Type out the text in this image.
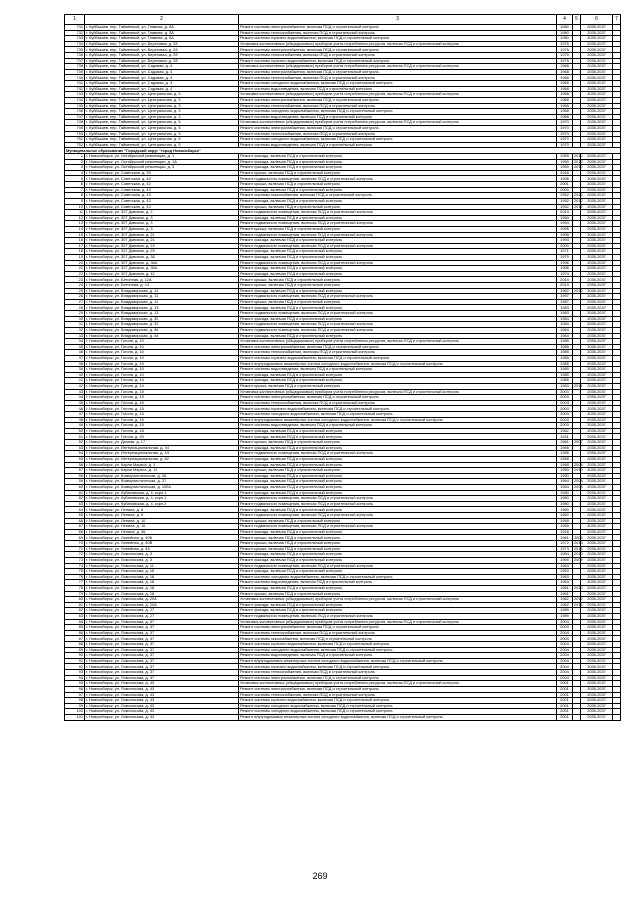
1	2	3	4	5	6	7
731	г. Куйбышев, пер. Тайменный, ул. Главная, д. 5А	Ремонт системы электроснабжения, включая ПСД и строительный контроль	1980		2035-2037	
732	г. Куйбышев, пер. Тайменный, ул. Главная, д. 5А	Ремонт системы теплоснабжения, включая ПСД и строительный контроль	1980		2035-2037	
733	г. Куйбышев, пер. Тайменный, ул. Главная, д. 5А	Ремонт системы горячего водоснабжения, включая ПСД и строительный контроль	1980		2035-2037	
734	г. Куйбышев, пер. Тайменный, ул. Береговая, д. 28	Установка коллективных (общедомовых) приборов учета потребления ресурсов, включая ПСД и строительный контроль	1975		2035-2037	
735	г. Куйбышев, пер. Тайменный, ул. Береговая, д. 28	Ремонт системы электроснабжения, включая ПСД и строительный контроль	1975		2035-2037	
736	г. Куйбышев, пер. Тайменный, ул. Береговая, д. 28	Ремонт системы теплоснабжения, включая ПСД и строительный контроль	1975		2035-2037	
737	г. Куйбышев, пер. Тайменный, ул. Береговая, д. 28	Ремонт системы горячего водоснабжения, включая ПСД и строительный контроль	1975		2035-2037	
738	г. Куйбышев, пер. Тайменный, ул. Садовая, д. 4	Установка коллективных (общедомовых) приборов учета потребления ресурсов, включая ПСД и строительный контроль	1968		2035-2037	
739	г. Куйбышев, пер. Тайменный, ул. Садовая, д. 4	Ремонт системы электроснабжения, включая ПСД и строительный контроль	1968		2035-2037	
740	г. Куйбышев, пер. Тайменный, ул. Садовая, д. 4	Ремонт системы теплоснабжения, включая ПСД и строительный контроль	1968		2035-2037	
741	г. Куйбышев, пер. Тайменный, ул. Садовая, д. 4	Ремонт системы холодного водоснабжения, включая ПСД и строительный контроль	1968		2035-2037	
742	г. Куйбышев, пер. Тайменный, ул. Садовая, д. 4	Ремонт системы водоотведения, включая ПСД и строительный контроль	1968		2035-2037	
743	г. Куйбышев, пер. Тайменный, ул. Центральная, д. 3	Установка коллективных (общедомовых) приборов учета потребления ресурсов, включая ПСД и строительный контроль	1968		2035-2037	
744	г. Куйбышев, пер. Тайменный, ул. Центральная, д. 3	Ремонт системы электроснабжения, включая ПСД и строительный контроль	1968		2035-2037	
745	г. Куйбышев, пер. Тайменный, ул. Центральная, д. 3	Ремонт системы теплоснабжения, включая ПСД и строительный контроль	1968		2035-2037	
746	г. Куйбышев, пер. Тайменный, ул. Центральная, д. 3	Ремонт системы холодного водоснабжения, включая ПСД и строительный контроль	1968		2035-2037	
747	г. Куйбышев, пер. Тайменный, ул. Центральная, д. 3	Ремонт системы водоотведения, включая ПСД и строительный контроль	1968		2035-2037	
748	г. Куйбышев, пер. Тайменный, ул. Центральная, д. 5	Установка коллективных (общедомовых) приборов учета потребления ресурсов, включая ПСД и строительный контроль	1970		2035-2037	
749	г. Куйбышев, пер. Тайменный, ул. Центральная, д. 5	Ремонт системы электроснабжения, включая ПСД и строительный контроль	1970		2035-2037	
750	г. Куйбышев, пер. Тайменный, ул. Центральная, д. 5	Ремонт системы теплоснабжения, включая ПСД и строительный контроль	1970		2035-2037	
751	г. Куйбышев, пер. Тайменный, ул. Центральная, д. 5	Ремонт системы холодного водоснабжения, включая ПСД и строительный контроль	1970		2035-2037	
752	г. Куйбышев, пер. Тайменный, ул. Центральная, д. 5	Ремонт системы водоотведения, включая ПСД и строительный контроль	1970		2035-2037	
Муниципальное образование "Городской округ "город Новосибирск"						
1	г. Новосибирск, ул. Октябрьской революции, д. 1	Ремонт фасада, включая ПСД и строительный контроль	1959	2010	2035-2037	
2	г. Новосибирск, ул. Октябрьской революции, д. 1А	Ремонт фасада, включая ПСД и строительный контроль	1959	2010	2035-2037	
3	г. Новосибирск, ул. Октябрьской революции, д. 3	Ремонт фасада, включая ПСД и строительный контроль	1959	2010	2035-2037	
4	г. Новосибирск, ул. Советская, д. 39	Ремонт крыши, включая ПСД и строительный контроль	2016		2035-2037	
5	г. Новосибирск, ул. Советская, д. 40	Ремонт подвального помещения, включая ПСД и строительный контроль	1996		2035-2037	
6	г. Новосибирск, ул. Советская, д. 42	Ремонт крыши, включая ПСД и строительный контроль	2001		2035-2037	
7	г. Новосибирск, ул. Советская, д. 43	Ремонт фасада, включая ПСД и строительный контроль	2000		2035-2037	
8	г. Новосибирск, ул. Советская, д. 43	Ремонт системы газоснабжения, включая ПСД и строительный контроль	1952	2012	2035-2037	
9	г. Новосибирск, ул. Советская, д. 43	Ремонт фасада, включая ПСД и строительный контроль	1952	2012	2035-2037	
10	г. Новосибирск, ул. Советская, д. 43	Ремонт крыши, включая ПСД и строительный контроль	1952	2012	2035-2037	
11	г. Новосибирск, ул. 307 Дивизии, д. 2	Ремонт подвального помещения, включая ПСД и строительный контроль	2014		2035-2037	
12	г. Новосибирск, ул. 307 Дивизии, д. 3	Ремонт фасада, включая ПСД и строительный контроль	1960		2035-2037	
13	г. Новосибирск, ул. 307 Дивизии, д. 3	Ремонт подвального помещения, включая ПСД и строительный контроль	1994		2035-2037	
14	г. Новосибирск, ул. 307 Дивизии, д. 3	Ремонт крыши, включая ПСД и строительный контроль	1995		2035-2037	
15	г. Новосибирск, ул. 307 Дивизии, д. 21	Ремонт подвального помещения, включая ПСД и строительный контроль	1996		2035-2037	
16	г. Новосибирск, ул. 307 Дивизии, д. 21	Ремонт фасада, включая ПСД и строительный контроль	1993		2035-2037	
17	г. Новосибирск, ул. 307 Дивизии, д. 23	Ремонт подвального помещения, включая ПСД и строительный контроль	2000		2035-2037	
18	г. Новосибирск, ул. 307 Дивизии, д. 23	Ремонт фасада, включая ПСД и строительный контроль	1971		2035-2037	
19	г. Новосибирск, ул. 307 Дивизии, д. 38	Ремонт фасада, включая ПСД и строительный контроль	1975		2035-2037	
20	г. Новосибирск, ул. 307 Дивизии, д. 38А	Ремонт подвального помещения, включая ПСД и строительный контроль	1996		2035-2037	
21	г. Новосибирск, ул. 307 Дивизии, д. 38А	Ремонт фасада, включая ПСД и строительный контроль	1996		2035-2037	
22	г. Новосибирск, ул. 307 Дивизии, д. 42	Ремонт фасада, включая ПСД и строительный контроль	1974		2035-2037	
23	г. Новосибирск, ул. Бетонная, д. 12А	Ремонт крыши, включая ПСД и строительный контроль	2014		2035-2037	
24	г. Новосибирск, ул. Бетонная, д. 14	Ремонт крыши, включая ПСД и строительный контроль	2013		2035-2037	
25	г. Новосибирск, ул. Владимирская, д. 11	Ремонт фасада, включая ПСД и строительный контроль	1962	2012	2035-2037	
26	г. Новосибирск, ул. Владимирская, д. 11	Ремонт подвального помещения, включая ПСД и строительный контроль	1997		2035-2037	
27	г. Новосибирск, ул. Владимирская, д. 11	Ремонт крыши, включая ПСД и строительный контроль	1987		2035-2037	
28	г. Новосибирск, ул. Владимирская, д. 13	Ремонт фасада, включая ПСД и строительный контроль	1983		2035-2037	
29	г. Новосибирск, ул. Владимирская, д. 13	Ремонт подвального помещения, включая ПСД и строительный контроль	1983		2035-2037	
30	г. Новосибирск, ул. Владимирская, д. 32	Ремонт фасада, включая ПСД и строительный контроль	1984		2035-2037	
31	г. Новосибирск, ул. Владимирская, д. 32	Ремонт подвального помещения, включая ПСД и строительный контроль	1984		2035-2037	
32	г. Новосибирск, ул. Владимирская, д. 36	Ремонт подвального помещения, включая ПСД и строительный контроль	1964		2035-2037	
33	г. Новосибирск, ул. Владимирская, д. 44	Ремонт фасада, включая ПСД и строительный контроль	1964		2035-2037	
34	г. Новосибирск, ул. Гоголя, д. 10	Установка коллективных (общедомовых) приборов учета потребления ресурсов, включая ПСД и строительный контроль	1985		2035-2037	
35	г. Новосибирск, ул. Гоголя, д. 10	Ремонт системы электроснабжения, включая ПСД и строительный контроль	1985		2035-2037	
36	г. Новосибирск, ул. Гоголя, д. 10	Ремонт системы теплоснабжения, включая ПСД и строительный контроль	1985		2035-2037	
37	г. Новосибирск, ул. Гоголя, д. 10	Ремонт системы горячего водоснабжения, включая ПСД и строительный контроль	1985		2035-2037	
38	г. Новосибирск, ул. Гоголя, д. 10	Ремонт внутридомовых инженерных систем холодного водоснабжения, включая ПСД и строительный контроль	1985		2035-2037	
39	г. Новосибирск, ул. Гоголя, д. 10	Ремонт системы водоотведения, включая ПСД и строительный контроль	1985		2035-2037	
40	г. Новосибирск, ул. Гоголя, д. 10	Ремонт фасада, включая ПСД и строительный контроль	1985		2035-2037	
41	г. Новосибирск, ул. Гоголя, д. 14	Ремонт фасада, включая ПСД и строительный контроль	1985		2035-2037	
42	г. Новосибирск, ул. Гоголя, д. 14	Ремонт крыши, включая ПСД и строительный контроль	1983	2011	2035-2037	
43	г. Новосибирск, ул. Гоголя, д. 15	Установка коллективных (общедомовых) приборов учета потребления ресурсов, включая ПСД и строительный контроль	2003		2035-2037	
44	г. Новосибирск, ул. Гоголя, д. 15	Ремонт системы электроснабжения, включая ПСД и строительный контроль	2003		2035-2037	
45	г. Новосибирск, ул. Гоголя, д. 15	Ремонт системы теплоснабжения, включая ПСД и строительный контроль	2003		2035-2037	
46	г. Новосибирск, ул. Гоголя, д. 15	Ремонт системы горячего водоснабжения, включая ПСД и строительный контроль	2003		2035-2037	
47	г. Новосибирск, ул. Гоголя, д. 15	Ремонт системы холодного водоснабжения, включая ПСД и строительный контроль	2003		2035-2037	
48	г. Новосибирск, ул. Гоголя, д. 15	Ремонт внутридомовых инженерных систем холодного водоснабжения, включая ПСД и строительный контроль	2003		2035-2037	
49	г. Новосибирск, ул. Гоголя, д. 15	Ремонт системы водоотведения, включая ПСД и строительный контроль	2003		2035-2037	
50	г. Новосибирск, ул. Гоголя, д. 18	Ремонт фасада, включая ПСД и строительный контроль	1962		2035-2037	
51	г. Новосибирск, ул. Гоголя, д. 20	Ремонт фасада, включая ПСД и строительный контроль	1931		2035-2037	
52	г. Новосибирск, ул. Дачная, д. 17	Ремонт крыши, включая ПСД и строительный контроль	1961	2007	2035-2037	
53	г. Новосибирск, ул. Интернациональная, д. 44	Ремонт фасада, включая ПСД и строительный контроль	1956		2035-2037	
54	г. Новосибирск, ул. Интернациональная, д. 44	Ремонт подвального помещения, включая ПСД и строительный контроль	1956		2035-2037	
55	г. Новосибирск, ул. Интернациональная, д. 82	Ремонт фасада, включая ПСД и строительный контроль	1956		2035-2037	
56	г. Новосибирск, ул. Карла Маркса, д. 1	Ремонт фасада, включая ПСД и строительный контроль	1968	2008	2035-2037	
57	г. Новосибирск, ул. Карла Маркса, д. 11	Ремонт крыши, включая ПСД и строительный контроль	1950	2013	2035-2037	
58	г. Новосибирск, ул. Коммунистическая, д. 26	Ремонт фасада, включая ПСД и строительный контроль	1990		2035-2037	
59	г. Новосибирск, ул. Коммунистическая, д. 37	Ремонт фасада, включая ПСД и строительный контроль	1964	2008	2035-2037	
60	г. Новосибирск, ул. Коммунистическая, д. 100А	Ремонт фасада, включая ПСД и строительный контроль	1954	2008	2035-2037	
61	г. Новосибирск, ул. Кубановская, д. 4, корп.1	Ремонт фасада, включая ПСД и строительный контроль	1980		2035-2037	
62	г. Новосибирск, ул. Кубановская, д. 4, корп.1	Ремонт подвального помещения, включая ПСД и строительный контроль	1980		2035-2037	
63	г. Новосибирск, ул. Кубановская, д. 4, корп.2	Ремонт подвального помещения, включая ПСД и строительный контроль	1980		2035-2037	
64	г. Новосибирск, ул. Ленина, д. 6	Ремонт фасада, включая ПСД и строительный контроль	1960		2035-2037	
65	г. Новосибирск, ул. Ленина, д. 6	Ремонт подвального помещения, включая ПСД и строительный контроль	1960		2035-2037	
66	г. Новосибирск, ул. Ленина, д. 10	Ремонт крыши, включая ПСД и строительный контроль	1959		2035-2037	
67	г. Новосибирск, ул. Ленина, д. 10	Ремонт подвального помещения, включая ПСД и строительный контроль	1959		2035-2037	
68	г. Новосибирск, ул. Ленина, д. 36	Ремонт фасада, включая ПСД и строительный контроль	1916		2035-2037	
69	г. Новосибирск, ул. Линейная, д. 40Б	Ремонт крыши, включая ПСД и строительный контроль	1961	2009	2035-2037	
70	г. Новосибирск, ул. Линейная, д. 40В	Ремонт крыши, включая ПСД и строительный контроль	1972	2013	2035-2037	
71	г. Новосибирск, ул. Линейная, д. 45	Ремонт крыши, включая ПСД и строительный контроль	1973	2014	2035-2037	
72	г. Новосибирск, ул. Ломоносова, д. 3	Ремонт фасада, включая ПСД и строительный контроль	1954	2010	2035-2037	
73	г. Новосибирск, ул. Ломоносова, д. 5	Ремонт фасада, включая ПСД и строительный контроль	1969	2009	2035-2037	
74	г. Новосибирск, ул. Ломоносова, д. 11	Ремонт подвального помещения, включая ПСД и строительный контроль	1963		2035-2037	
75	г. Новосибирск, ул. Ломоносова, д. 16	Ремонт фасада, включая ПСД и строительный контроль	1963		2035-2037	
76	г. Новосибирск, ул. Ломоносова, д. 16	Ремонт системы холодного водоснабжения, включая ПСД и строительный контроль	1963		2035-2037	
77	г. Новосибирск, ул. Ломоносова, д. 16	Ремонт системы водоотведения, включая ПСД и строительный контроль	1963		2035-2037	
78	г. Новосибирск, ул. Ломоносова, д. 18	Ремонт фасада, включая ПСД и строительный контроль	1961	2010	2035-2037	
79	г. Новосибирск, ул. Ломоносова, д. 18	Ремонт крыши, включая ПСД и строительный контроль	1961		2035-2037	
80	г. Новосибирск, ул. Ломоносова, д. 20А	Установка коллективных (общедомовых) приборов учета потребления ресурсов, включая ПСД и строительный контроль	1962	2012	2035-2037	
81	г. Новосибирск, ул. Ломоносова, д. 20А	Ремонт фасада, включая ПСД и строительный контроль	1962	2012	2035-2037	
82	г. Новосибирск, ул. Ломоносова, д. 27	Ремонт фасада, включая ПСД и строительный контроль	1989		2035-2037	
83	г. Новосибирск, ул. Ломоносова, д. 27	Ремонт подвального помещения, включая ПСД и строительный контроль	1989		2035-2037	
84	г. Новосибирск, ул. Ломоносова, д. 37	Установка коллективных (общедомовых) приборов учета потребления ресурсов, включая ПСД и строительный контроль	2004		2035-2037	
85	г. Новосибирск, ул. Ломоносова, д. 37	Ремонт системы электроснабжения, включая ПСД и строительный контроль	2004		2035-2037	
86	г. Новосибирск, ул. Ломоносова, д. 37	Ремонт системы теплоснабжения, включая ПСД и строительный контроль	2004		2035-2037	
87	г. Новосибирск, ул. Ломоносова, д. 37	Ремонт системы газоснабжения, включая ПСД и строительный контроль	2004		2035-2037	
88	г. Новосибирск, ул. Ломоносова, д. 37	Ремонт системы горячего водоснабжения, включая ПСД и строительный контроль	2004		2035-2037	
89	г. Новосибирск, ул. Ломоносова, д. 37	Ремонт системы холодного водоснабжения, включая ПСД и строительный контроль	2004		2035-2037	
90	г. Новосибирск, ул. Ломоносова, д. 37	Ремонт системы водоотведения, включая ПСД и строительный контроль	2004		2035-2037	
91	г. Новосибирск, ул. Ломоносова, д. 37	Ремонт внутридомовых инженерных систем холодного водоснабжения, включая ПСД и строительный контроль	2004		2035-2037	
92	г. Новосибирск, ул. Ломоносова, д. 37	Ремонт системы горячего водоснабжения, включая ПСД и строительный контроль	2004		2035-2037	
93	г. Новосибирск, ул. Ломоносова, д. 37	Ремонт системы теплоснабжения, включая ПСД и строительный контроль	2004		2035-2037	
94	г. Новосибирск, ул. Ломоносова, д. 37	Ремонт системы электроснабжения, включая ПСД и строительный контроль	2004		2035-2037	
95	г. Новосибирск, ул. Ломоносова, д. 43	Установка коллективных (общедомовых) приборов учета потребления ресурсов, включая ПСД и строительный контроль	2001		2035-2037	
96	г. Новосибирск, ул. Ломоносова, д. 43	Ремонт системы электроснабжения, включая ПСД и строительный контроль	2001		2035-2037	
97	г. Новосибирск, ул. Ломоносова, д. 43	Ремонт системы теплоснабжения, включая ПСД и строительный контроль	2001		2035-2037	
98	г. Новосибирск, ул. Ломоносова, д. 43	Ремонт системы горячего водоснабжения, включая ПСД и строительный контроль	2001		2035-2037	
99	г. Новосибирск, ул. Ломоносова, д. 43	Ремонт системы холодного водоснабжения, включая ПСД и строительный контроль	2001		2035-2037	
100	г. Новосибирск, ул. Ломоносова, д. 43	Ремонт системы холодного водоснабжения, включая ПСД и строительный контроль	2001		2035-2037	
101	г. Новосибирск, ул. Ломоносова, д. 43	Ремонт внутридомовых инженерных систем холодного водоснабжения, включая ПСД и строительный контроль	2001		2035-2037	
269
